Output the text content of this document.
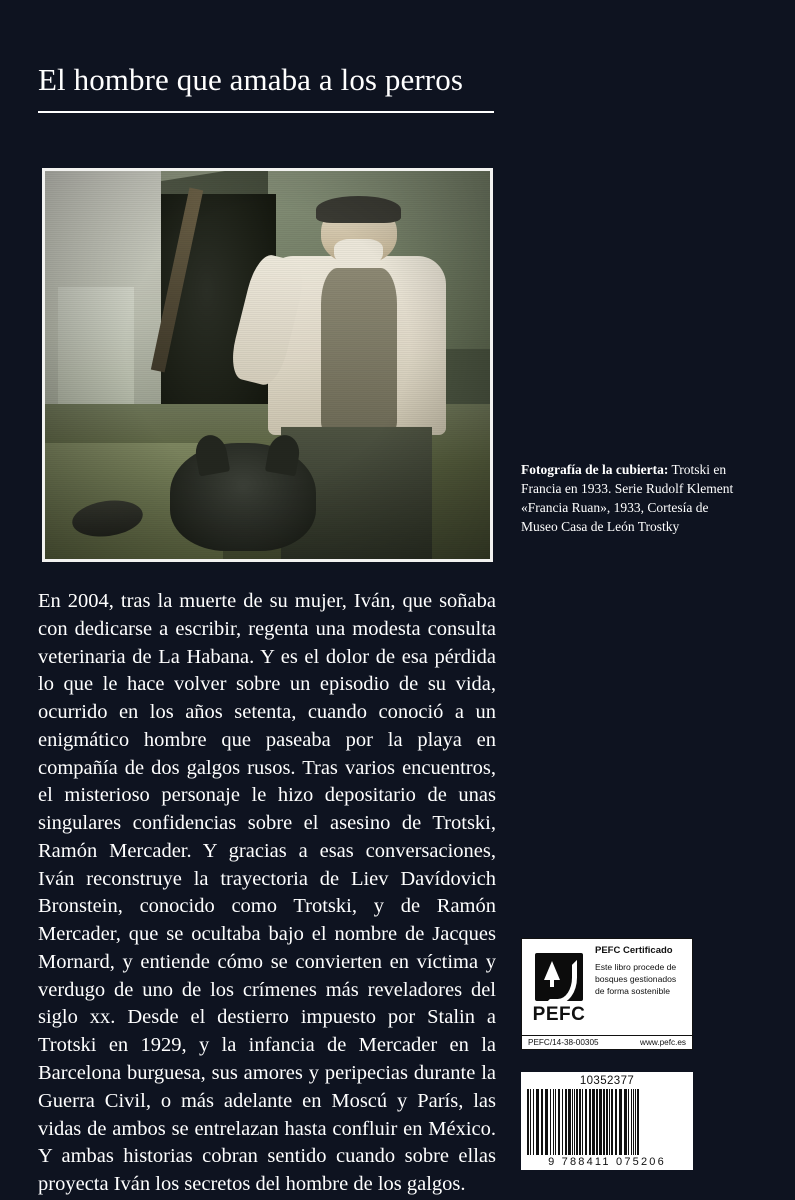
El hombre que amaba a los perros
Fotografía de la cubierta: Trotski en Francia en 1933. Serie Rudolf Klement «Francia Ruan», 1933, Cortesía de Museo Casa de León Trostky
En 2004, tras la muerte de su mujer, Iván, que soñaba con dedicarse a escribir, regenta una modesta consulta veterinaria de La Habana. Y es el dolor de esa pérdida lo que le hace volver sobre un episodio de su vida, ocurrido en los años setenta, cuando conoció a un enigmático hombre que paseaba por la playa en compañía de dos galgos rusos. Tras varios encuentros, el misterioso personaje le hizo depositario de unas singulares confidencias sobre el asesino de Trotski, Ramón Mercader. Y gracias a esas conversaciones, Iván reconstruye la trayectoria de Liev Davídovich Bronstein, conocido como Trotski, y de Ramón Mercader, que se ocultaba bajo el nombre de Jacques Mornard, y entiende cómo se convierten en víctima y verdugo de uno de los crímenes más reveladores del siglo xx. Desde el destierro impuesto por Stalin a Trotski en 1929, y la infancia de Mercader en la Barcelona burguesa, sus amores y peripecias durante la Guerra Civil, o más adelante en Moscú y París, las vidas de ambos se entrelazan hasta confluir en México. Y ambas historias cobran sentido cuando sobre ellas proyecta Iván los secretos del hombre de los galgos.
PEFC
PEFC Certificado
Este libro procede de bosques gestionados de forma sostenible
PEFC/14-38-00305	www.pefc.es
10352377
9 788411 075206
